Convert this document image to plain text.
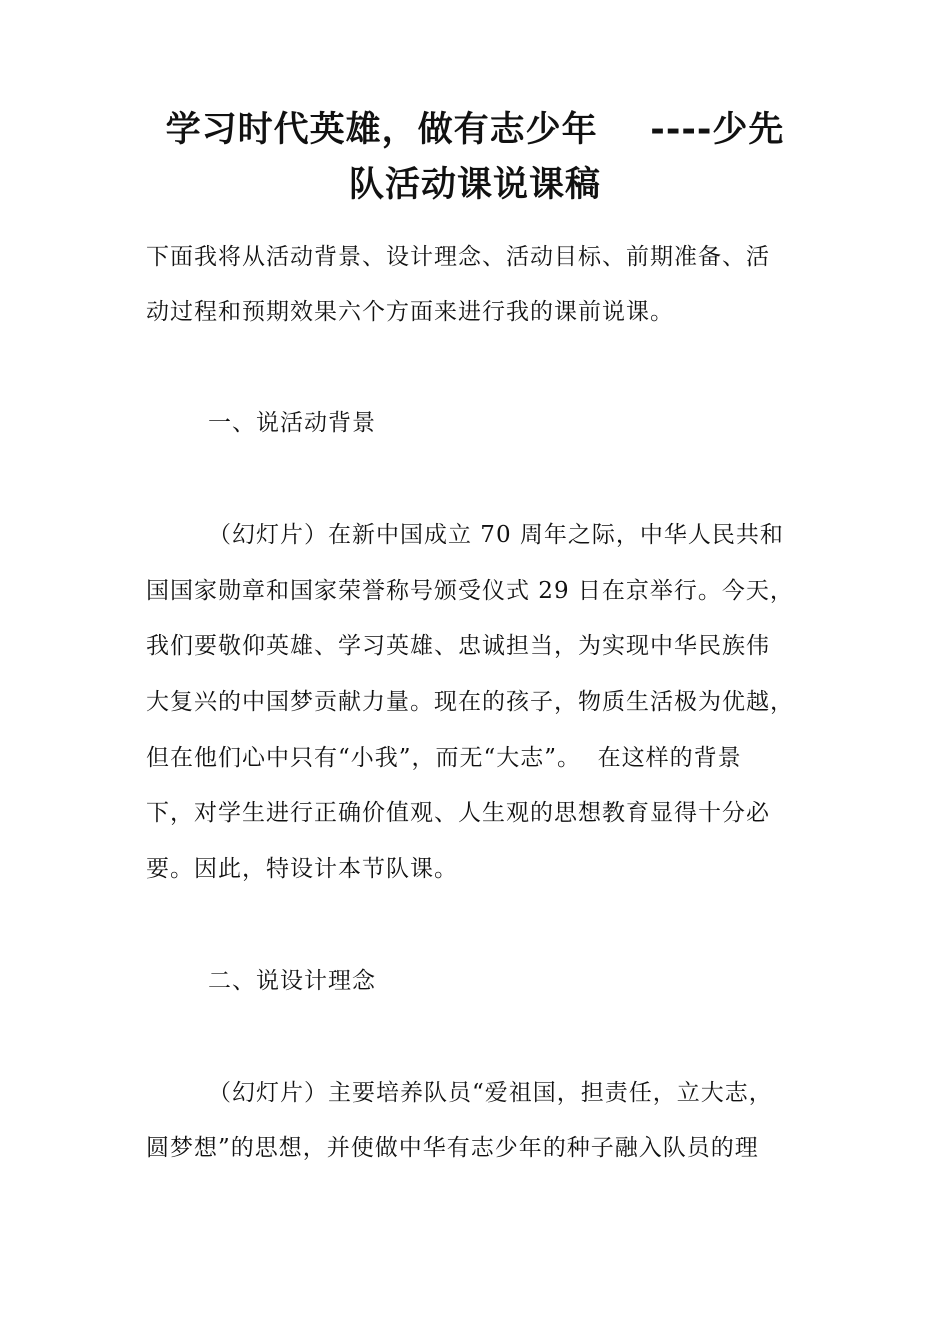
学习时代英雄，做有志少年    ----少先
队活动课说课稿
下面我将从活动背景、设计理念、活动目标、前期准备、活
动过程和预期效果六个方面来进行我的课前说课。
一、说活动背景
（幻灯片）在新中国成立 70 周年之际，中华人民共和
国国家勋章和国家荣誉称号颁受仪式 29 日在京举行。今天，
我们要敬仰英雄、学习英雄、忠诚担当，为实现中华民族伟
大复兴的中国梦贡献力量。现在的孩子，物质生活极为优越，
但在他们心中只有“小我”，而无“大志”。  在这样的背景
下，对学生进行正确价值观、人生观的思想教育显得十分必
要。因此，特设计本节队课。
二、说设计理念
（幻灯片）主要培养队员“爱祖国，担责任，立大志，
圆梦想”的思想，并使做中华有志少年的种子融入队员的理
